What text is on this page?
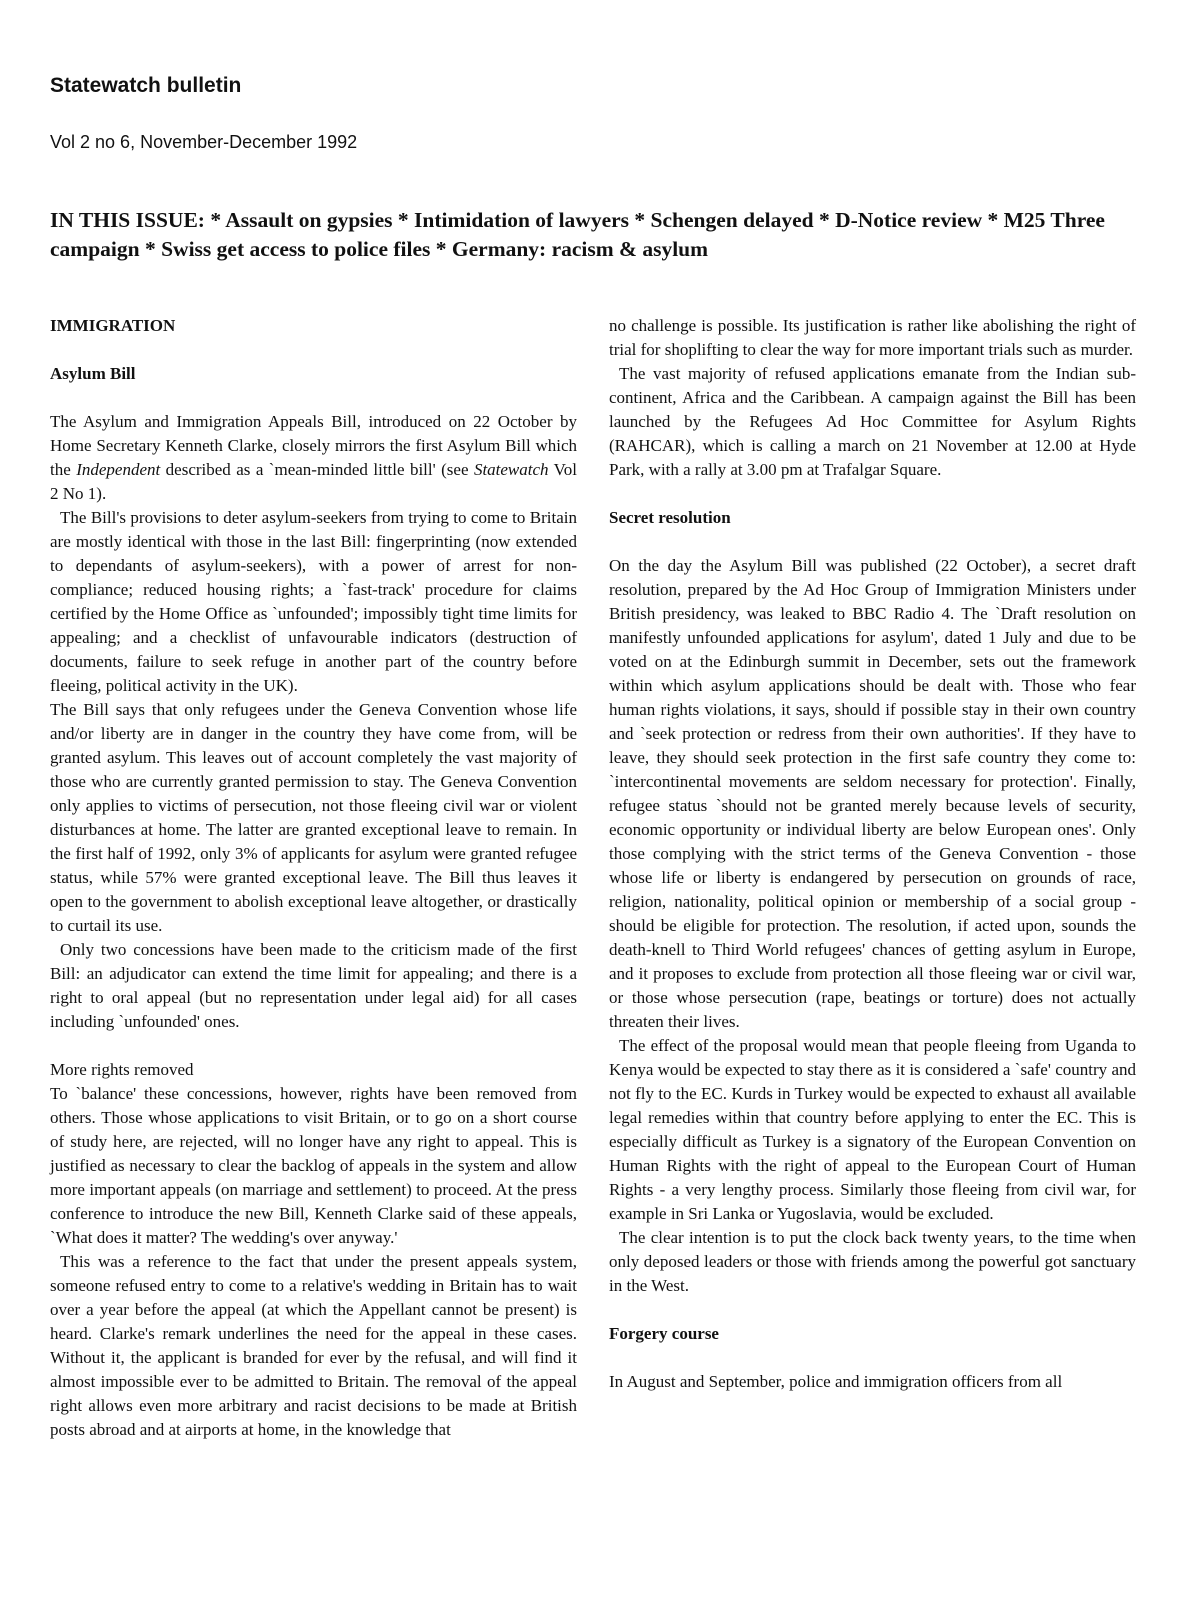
Statewatch bulletin
Vol 2 no 6, November-December 1992
IN THIS ISSUE: * Assault on gypsies * Intimidation of lawyers * Schengen delayed * D-Notice review * M25 Three campaign * Swiss get access to police files * Germany: racism & asylum

IMMIGRATION

Asylum Bill

The Asylum and Immigration Appeals Bill, introduced on 22 October by Home Secretary Kenneth Clarke, closely mirrors the first Asylum Bill which the Independent described as a `mean-minded little bill' (see Statewatch Vol 2 No 1).

The Bill's provisions to deter asylum-seekers from trying to come to Britain are mostly identical with those in the last Bill: fingerprinting (now extended to dependants of asylum-seekers), with a power of arrest for non-compliance; reduced housing rights; a `fast-track' procedure for claims certified by the Home Office as `unfounded'; impossibly tight time limits for appealing; and a checklist of unfavourable indicators (destruction of documents, failure to seek refuge in another part of the country before fleeing, political activity in the UK).

The Bill says that only refugees under the Geneva Convention whose life and/or liberty are in danger in the country they have come from, will be granted asylum. This leaves out of account completely the vast majority of those who are currently granted permission to stay. The Geneva Convention only applies to victims of persecution, not those fleeing civil war or violent disturbances at home. The latter are granted exceptional leave to remain. In the first half of 1992, only 3% of applicants for asylum were granted refugee status, while 57% were granted exceptional leave. The Bill thus leaves it open to the government to abolish exceptional leave altogether, or drastically to curtail its use.

Only two concessions have been made to the criticism made of the first Bill: an adjudicator can extend the time limit for appealing; and there is a right to oral appeal (but no representation under legal aid) for all cases including `unfounded' ones.

More rights removed

To `balance' these concessions, however, rights have been removed from others. Those whose applications to visit Britain, or to go on a short course of study here, are rejected, will no longer have any right to appeal. This is justified as necessary to clear the backlog of appeals in the system and allow more important appeals (on marriage and settlement) to proceed. At the press conference to introduce the new Bill, Kenneth Clarke said of these appeals, `What does it matter? The wedding's over anyway.'

This was a reference to the fact that under the present appeals system, someone refused entry to come to a relative's wedding in Britain has to wait over a year before the appeal (at which the Appellant cannot be present) is heard. Clarke's remark underlines the need for the appeal in these cases. Without it, the applicant is branded for ever by the refusal, and will find it almost impossible ever to be admitted to Britain. The removal of the appeal right allows even more arbitrary and racist decisions to be made at British posts abroad and at airports at home, in the knowledge that

no challenge is possible. Its justification is rather like abolishing the right of trial for shoplifting to clear the way for more important trials such as murder.

The vast majority of refused applications emanate from the Indian sub-continent, Africa and the Caribbean. A campaign against the Bill has been launched by the Refugees Ad Hoc Committee for Asylum Rights (RAHCAR), which is calling a march on 21 November at 12.00 at Hyde Park, with a rally at 3.00 pm at Trafalgar Square.

Secret resolution

On the day the Asylum Bill was published (22 October), a secret draft resolution, prepared by the Ad Hoc Group of Immigration Ministers under British presidency, was leaked to BBC Radio 4. The `Draft resolution on manifestly unfounded applications for asylum', dated 1 July and due to be voted on at the Edinburgh summit in December, sets out the framework within which asylum applications should be dealt with. Those who fear human rights violations, it says, should if possible stay in their own country and `seek protection or redress from their own authorities'. If they have to leave, they should seek protection in the first safe country they come to: `intercontinental movements are seldom necessary for protection'. Finally, refugee status `should not be granted merely because levels of security, economic opportunity or individual liberty are below European ones'. Only those complying with the strict terms of the Geneva Convention - those whose life or liberty is endangered by persecution on grounds of race, religion, nationality, political opinion or membership of a social group - should be eligible for protection. The resolution, if acted upon, sounds the death-knell to Third World refugees' chances of getting asylum in Europe, and it proposes to exclude from protection all those fleeing war or civil war, or those whose persecution (rape, beatings or torture) does not actually threaten their lives.

The effect of the proposal would mean that people fleeing from Uganda to Kenya would be expected to stay there as it is considered a `safe' country and not fly to the EC. Kurds in Turkey would be expected to exhaust all available legal remedies within that country before applying to enter the EC. This is especially difficult as Turkey is a signatory of the European Convention on Human Rights with the right of appeal to the European Court of Human Rights - a very lengthy process. Similarly those fleeing from civil war, for example in Sri Lanka or Yugoslavia, would be excluded.

The clear intention is to put the clock back twenty years, to the time when only deposed leaders or those with friends among the powerful got sanctuary in the West.

Forgery course

In August and September, police and immigration officers from all
